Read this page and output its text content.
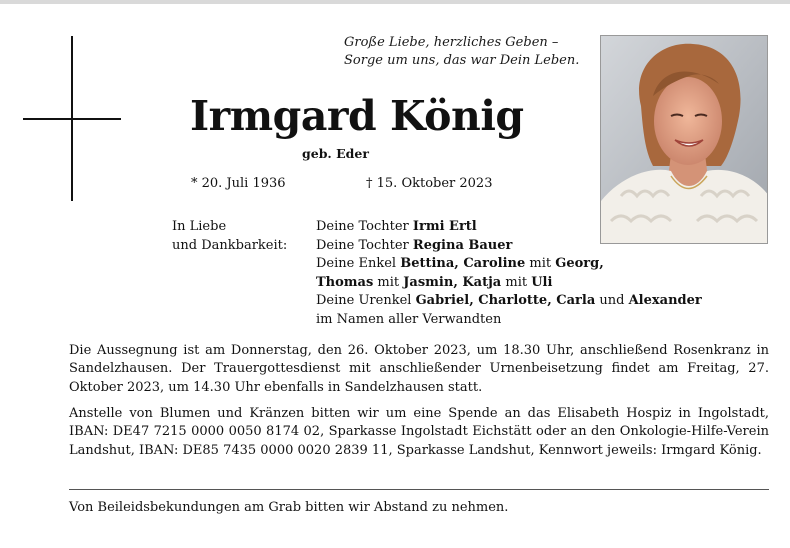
Große Liebe, herzliches Geben –
Sorge um uns, das war Dein Leben.
Irmgard König
geb. Eder
* 20. Juli 1936	† 15. Oktober 2023
In Liebe
und Dankbarkeit:
Deine Tochter Irmi Ertl
Deine Tochter Regina Bauer
Deine Enkel Bettina, Caroline mit Georg,
Thomas mit Jasmin, Katja mit Uli
Deine Urenkel Gabriel, Charlotte, Carla und Alexander
im Namen aller Verwandten

Die Aussegnung ist am Donnerstag, den 26. Oktober 2023, um 18.30 Uhr, anschließend Rosenkranz in Sandelzhausen. Der Trauergottesdienst mit anschließender Urnenbeisetzung findet am Freitag, 27. Oktober 2023, um 14.30 Uhr ebenfalls in Sandelzhausen statt.

Anstelle von Blumen und Kränzen bitten wir um eine Spende an das Elisabeth Hospiz in Ingolstadt, IBAN: DE47 7215 0000 0050 8174 02, Sparkasse Ingolstadt Eichstätt oder an den Onkologie-Hilfe-Verein Landshut, IBAN: DE85 7435 0000 0020 2839 11, Sparkasse Landshut, Kennwort jeweils: Irmgard König.

Von Beileidsbekundungen am Grab bitten wir Abstand zu nehmen.
